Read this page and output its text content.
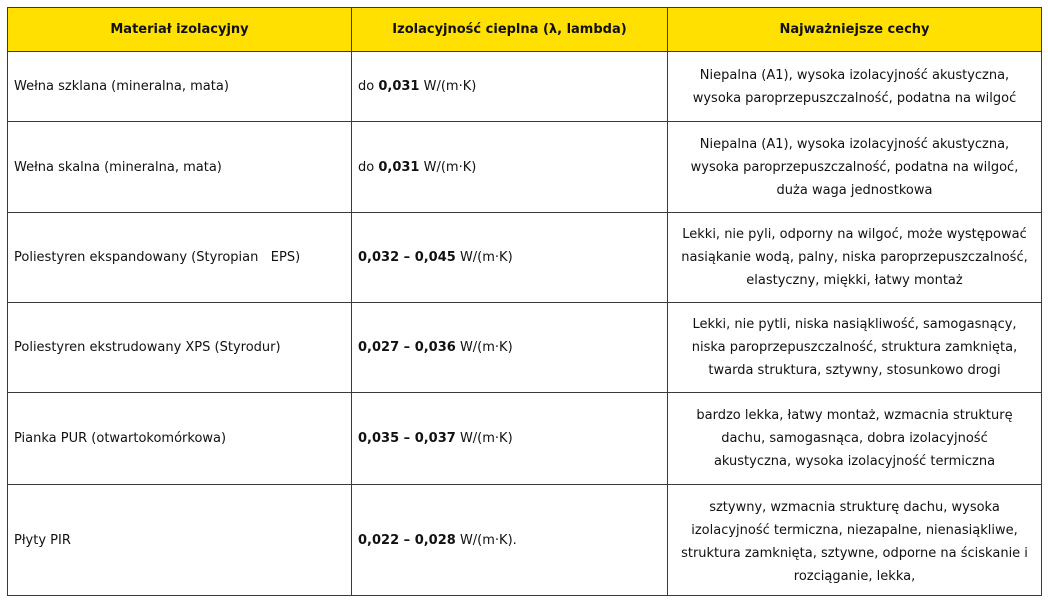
Materiał izolacyjny	Izolacyjność cieplna (λ, lambda)	Najważniejsze cechy
Wełna szklana (mineralna, mata)	do 0,031 W/(m·K)	Niepalna (A1), wysoka izolacyjność akustyczna, wysoka paroprzepuszczalność, podatna na wilgoć
Wełna skalna (mineralna, mata)	do 0,031 W/(m·K)	Niepalna (A1), wysoka izolacyjność akustyczna, wysoka paroprzepuszczalność, podatna na wilgoć, duża waga jednostkowa
Poliestyren ekspandowany (Styropian   EPS)	0,032 – 0,045 W/(m·K)	Lekki, nie pyli, odporny na wilgoć, może występować nasiąkanie wodą, palny, niska paroprzepuszczalność, elastyczny, miękki, łatwy montaż
Poliestyren ekstrudowany XPS (Styrodur)	0,027 – 0,036 W/(m·K)	Lekki, nie pytli, niska nasiąkliwość, samogasnący, niska paroprzepuszczalność, struktura zamknięta, twarda struktura, sztywny, stosunkowo drogi
Pianka PUR (otwartokomórkowa)	0,035 – 0,037 W/(m·K)	bardzo lekka, łatwy montaż, wzmacnia strukturę dachu, samogasnąca, dobra izolacyjność akustyczna, wysoka izolacyjność termiczna
Płyty PIR	0,022 – 0,028 W/(m·K).	sztywny, wzmacnia strukturę dachu, wysoka izolacyjność termiczna, niezapalne, nienasiąkliwe, struktura zamknięta, sztywne, odporne na ściskanie i rozciąganie, lekka,
